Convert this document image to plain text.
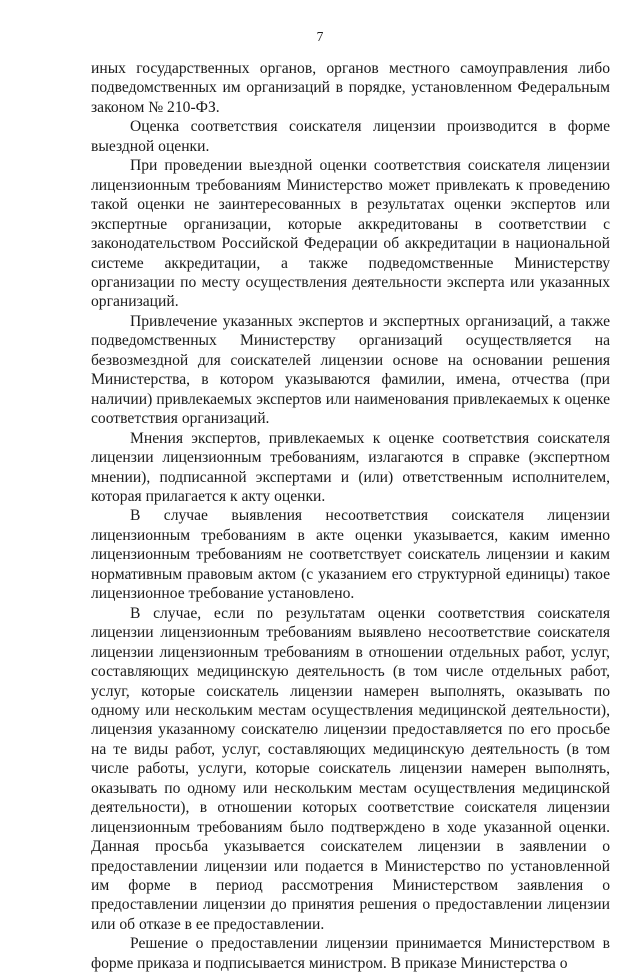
7

иных государственных органов, органов местного самоуправления либо подведомственных им организаций в порядке, установленном Федеральным законом № 210-ФЗ.

Оценка соответствия соискателя лицензии производится в форме выездной оценки.

При проведении выездной оценки соответствия соискателя лицензии лицензионным требованиям Министерство может привлекать к проведению такой оценки не заинтересованных в результатах оценки экспертов или экспертные организации, которые аккредитованы в соответствии с законодательством Российской Федерации об аккредитации в национальной системе аккредитации, а также подведомственные Министерству организации по месту осуществления деятельности эксперта или указанных организаций.

Привлечение указанных экспертов и экспертных организаций, а также подведомственных Министерству организаций осуществляется на безвозмездной для соискателей лицензии основе на основании решения Министерства, в котором указываются фамилии, имена, отчества (при наличии) привлекаемых экспертов или наименования привлекаемых к оценке соответствия организаций.

Мнения экспертов, привлекаемых к оценке соответствия соискателя лицензии лицензионным требованиям, излагаются в справке (экспертном мнении), подписанной экспертами и (или) ответственным исполнителем, которая прилагается к акту оценки.

В случае выявления несоответствия соискателя лицензии лицензионным требованиям в акте оценки указывается, каким именно лицензионным требованиям не соответствует соискатель лицензии и каким нормативным правовым актом (с указанием его структурной единицы) такое лицензионное требование установлено.

В случае, если по результатам оценки соответствия соискателя лицензии лицензионным требованиям выявлено несоответствие соискателя лицензии лицензионным требованиям в отношении отдельных работ, услуг, составляющих медицинскую деятельность (в том числе отдельных работ, услуг, которые соискатель лицензии намерен выполнять, оказывать по одному или нескольким местам осуществления медицинской деятельности), лицензия указанному соискателю лицензии предоставляется по его просьбе на те виды работ, услуг, составляющих медицинскую деятельность (в том числе работы, услуги, которые соискатель лицензии намерен выполнять, оказывать по одному или нескольким местам осуществления медицинской деятельности), в отношении которых соответствие соискателя лицензии лицензионным требованиям было подтверждено в ходе указанной оценки. Данная просьба указывается соискателем лицензии в заявлении о предоставлении лицензии или подается в Министерство по установленной им форме в период рассмотрения Министерством заявления о предоставлении лицензии до принятия решения о предоставлении лицензии или об отказе в ее предоставлении.

Решение о предоставлении лицензии принимается Министерством в форме приказа и подписывается министром. В приказе Министерства о
